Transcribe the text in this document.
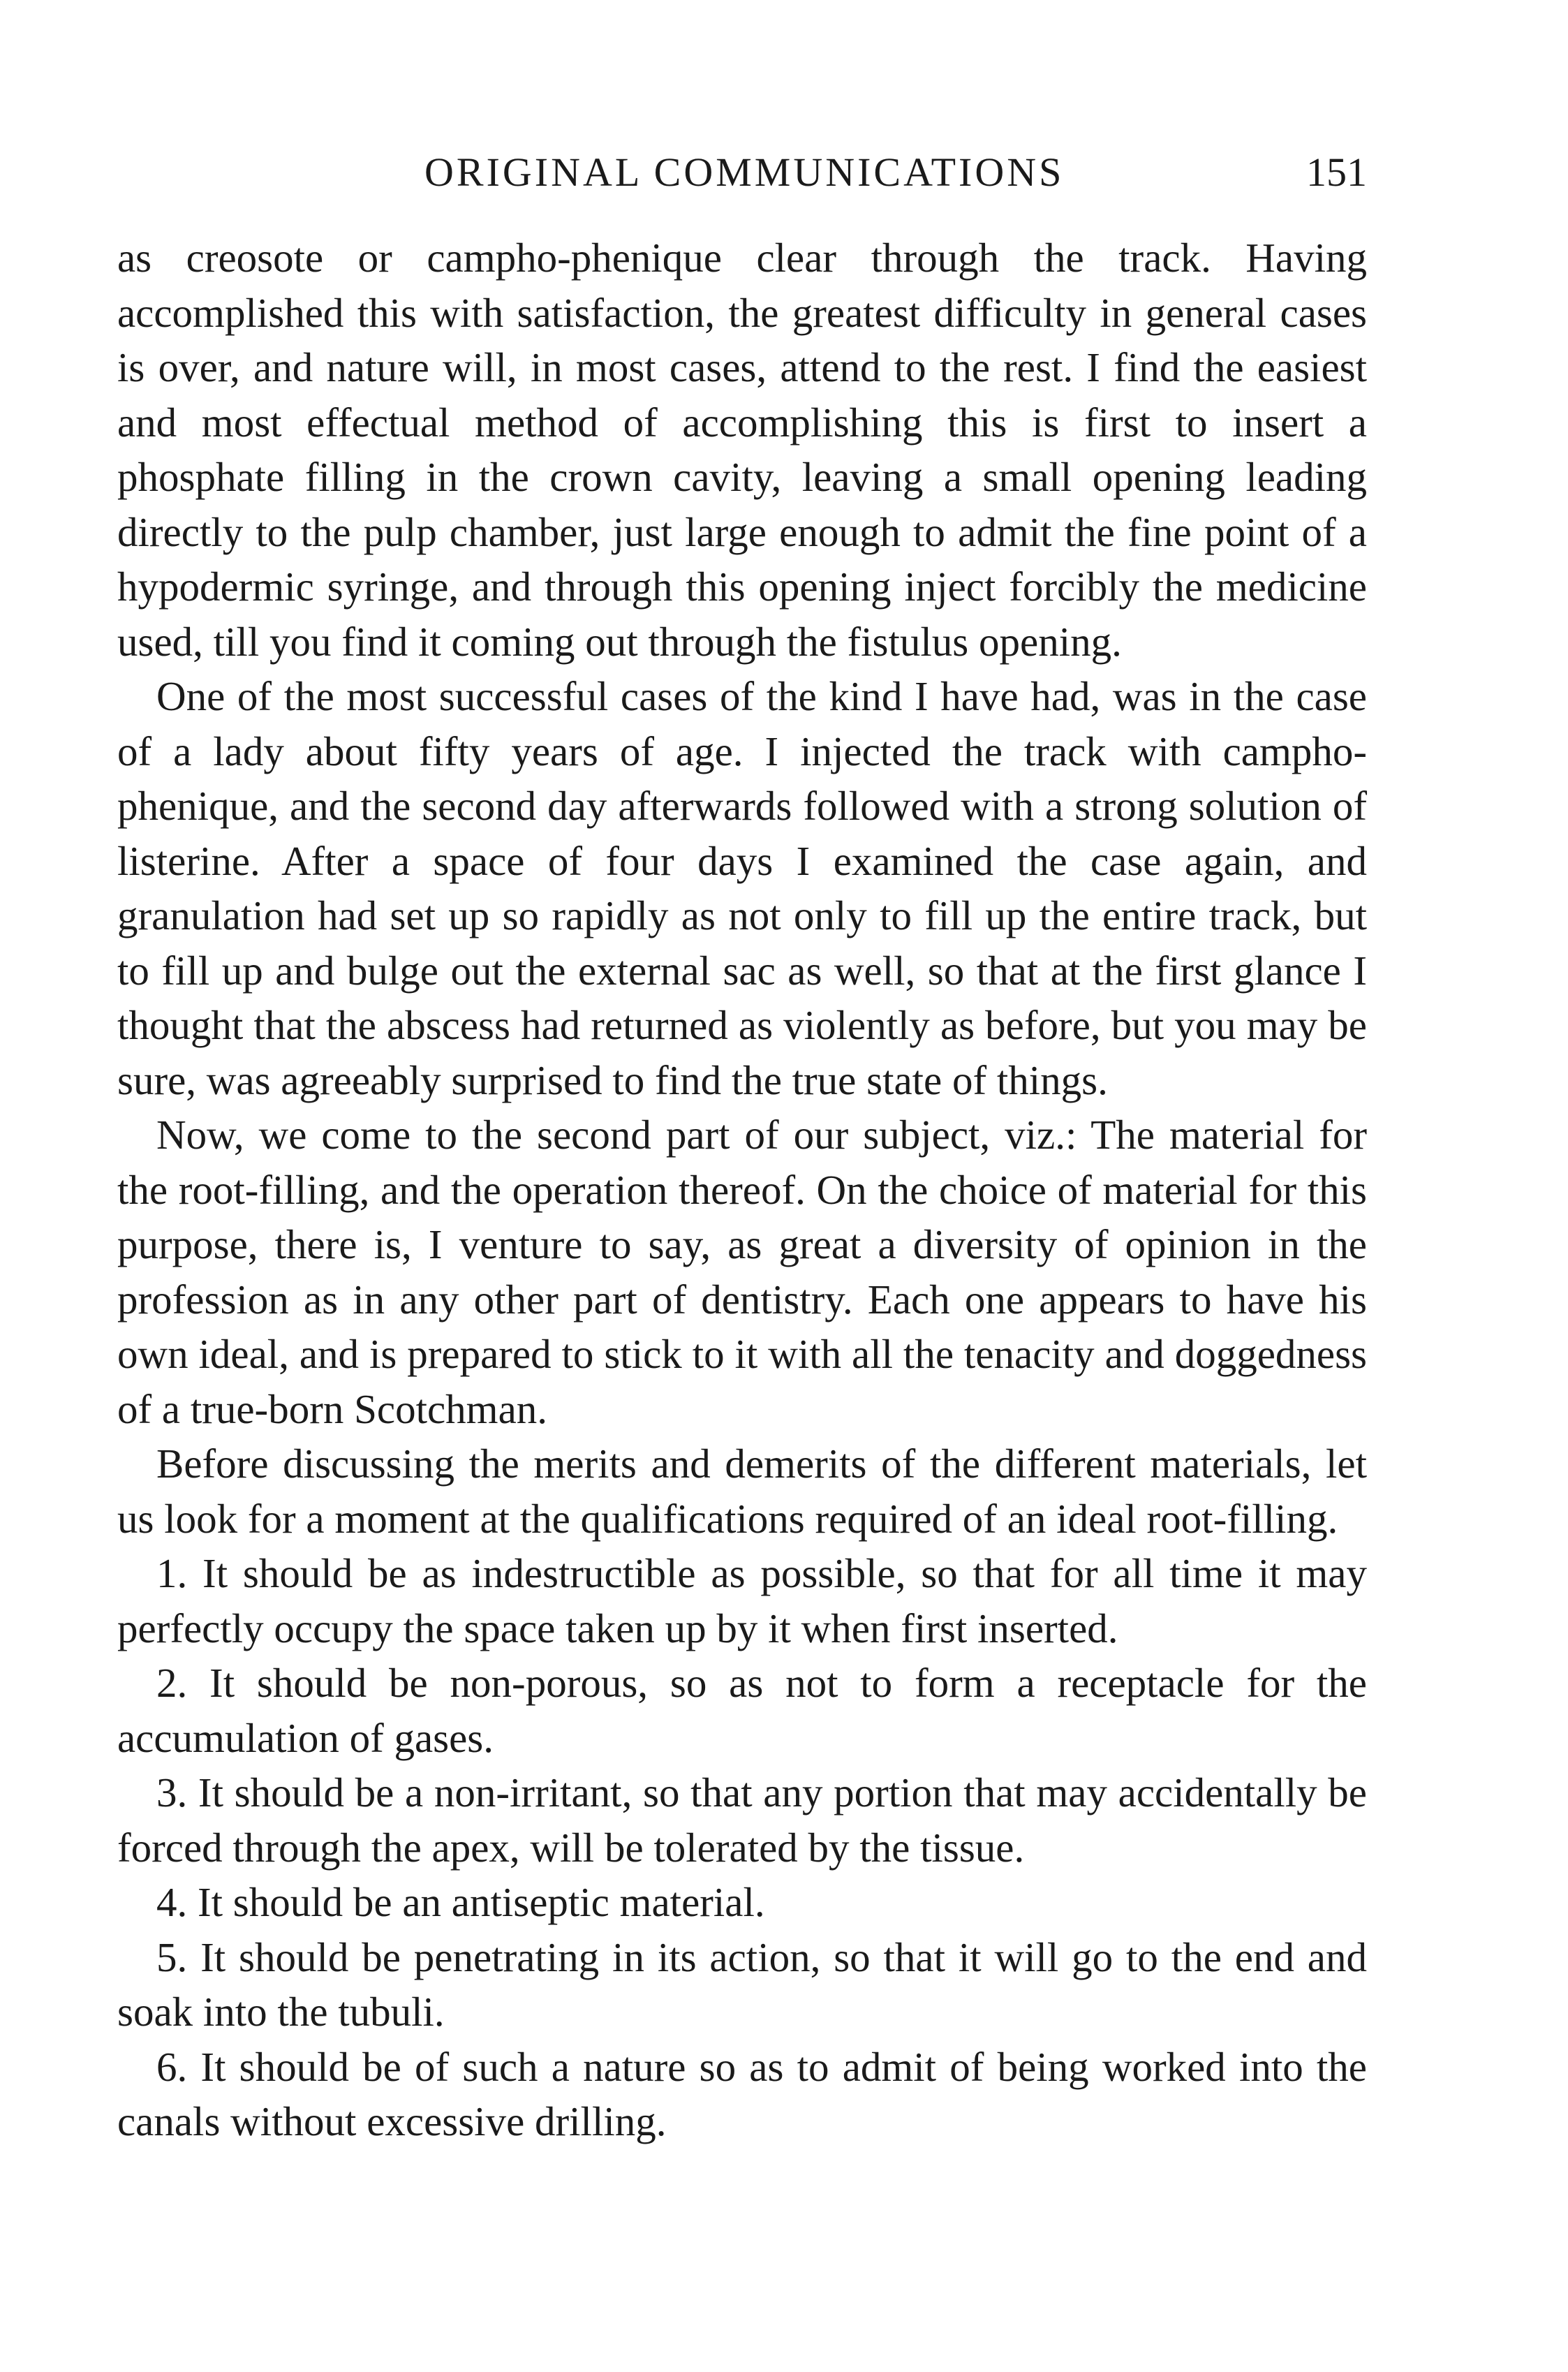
ORIGINAL COMMUNICATIONS	151

as creosote or campho-phenique clear through the track. Having accomplished this with satisfaction, the greatest difficulty in general cases is over, and nature will, in most cases, attend to the rest. I find the easiest and most effectual method of accomplishing this is first to insert a phosphate filling in the crown cavity, leaving a small opening leading directly to the pulp chamber, just large enough to admit the fine point of a hypodermic syringe, and through this opening inject forcibly the medicine used, till you find it coming out through the fistulus opening.

One of the most successful cases of the kind I have had, was in the case of a lady about fifty years of age. I injected the track with campho-phenique, and the second day afterwards followed with a strong solution of listerine. After a space of four days I examined the case again, and granulation had set up so rapidly as not only to fill up the entire track, but to fill up and bulge out the external sac as well, so that at the first glance I thought that the abscess had returned as violently as before, but you may be sure, was agreeably surprised to find the true state of things.

Now, we come to the second part of our subject, viz.: The material for the root-filling, and the operation thereof. On the choice of material for this purpose, there is, I venture to say, as great a diversity of opinion in the profession as in any other part of dentistry. Each one appears to have his own ideal, and is prepared to stick to it with all the tenacity and doggedness of a true-born Scotchman.

Before discussing the merits and demerits of the different materials, let us look for a moment at the qualifications required of an ideal root-filling.

1. It should be as indestructible as possible, so that for all time it may perfectly occupy the space taken up by it when first inserted.

2. It should be non-porous, so as not to form a receptacle for the accumulation of gases.

3. It should be a non-irritant, so that any portion that may accidentally be forced through the apex, will be tolerated by the tissue.

4. It should be an antiseptic material.

5. It should be penetrating in its action, so that it will go to the end and soak into the tubuli.

6. It should be of such a nature so as to admit of being worked into the canals without excessive drilling.
